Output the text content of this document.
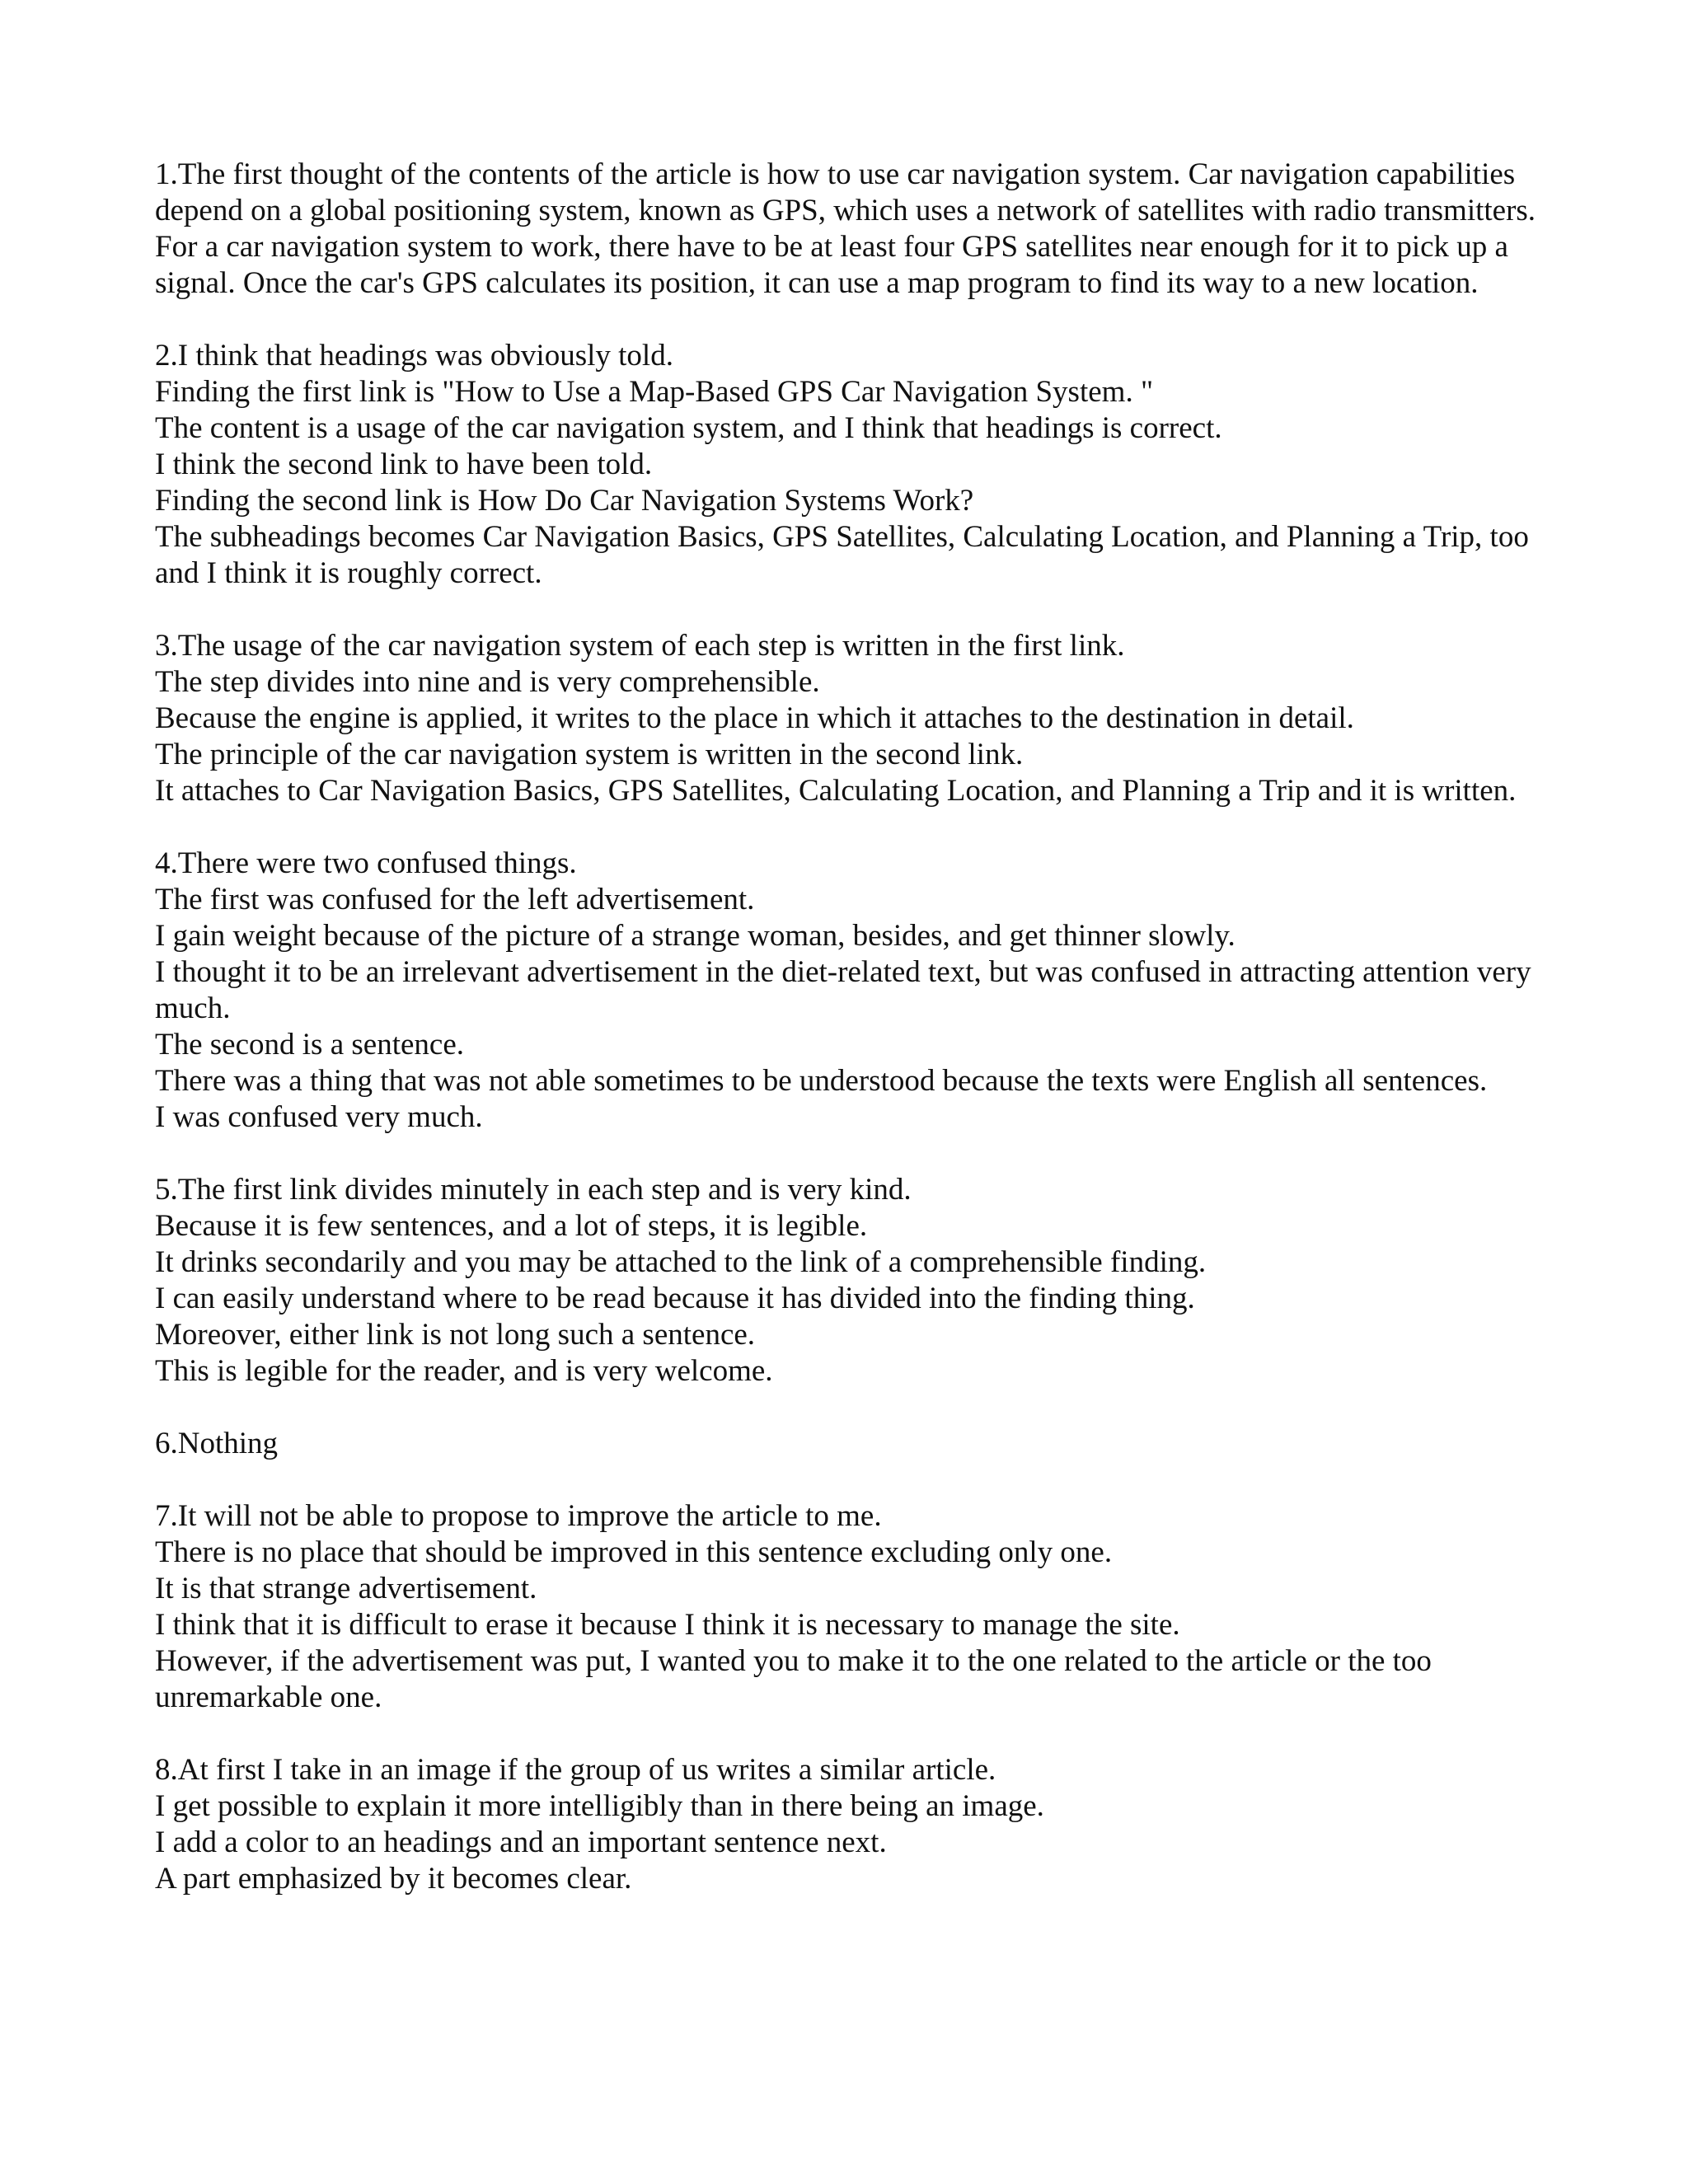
1.The first thought of the contents of the article is how to use car navigation system. Car navigation capabilities depend on a global positioning system, known as GPS, which uses a network of satellites with radio transmitters. For a car navigation system to work, there have to be at least four GPS satellites near enough for it to pick up a signal. Once the car's GPS calculates its position, it can use a map program to find its way to a new location.

2.I think that headings was obviously told.

Finding the first link is "How to Use a Map-Based GPS Car Navigation System. "

The content is a usage of the car navigation system, and I think that headings is correct.

I think the second link to have been told.

Finding the second link is How Do Car Navigation Systems Work?

The subheadings becomes Car Navigation Basics, GPS Satellites, Calculating Location, and Planning a Trip, too and I think it is roughly correct.

3.The usage of the car navigation system of each step is written in the first link.

The step divides into nine and is very comprehensible.

Because the engine is applied, it writes to the place in which it attaches to the destination in detail.

The principle of the car navigation system is written in the second link.

It attaches to Car Navigation Basics, GPS Satellites, Calculating Location, and Planning a Trip and it is written.

4.There were two confused things.

The first was confused for the left advertisement.

I gain weight because of the picture of a strange woman, besides, and get thinner slowly.

I thought it to be an irrelevant advertisement in the diet-related text, but was confused in attracting attention very much.

The second is a sentence.

There was a thing that was not able sometimes to be understood because the texts were English all sentences.

I was confused very much.

5.The first link divides minutely in each step and is very kind.

Because it is few sentences, and a lot of steps, it is legible.

It drinks secondarily and you may be attached to the link of a comprehensible finding.

I can easily understand where to be read because it has divided into the finding thing.

Moreover, either link is not long such a sentence.

This is legible for the reader, and is very welcome.

6.Nothing

7.It will not be able to propose to improve the article to me.

There is no place that should be improved in this sentence excluding only one.

It is that strange advertisement.

I think that it is difficult to erase it because I think it is necessary to manage the site.

However, if the advertisement was put, I wanted you to make it to the one related to the article or the too unremarkable one.

8.At first I take in an image if the group of us writes a similar article.

I get possible to explain it more intelligibly than in there being an image.

I add a color to an headings and an important sentence next.

A part emphasized by it becomes clear.
